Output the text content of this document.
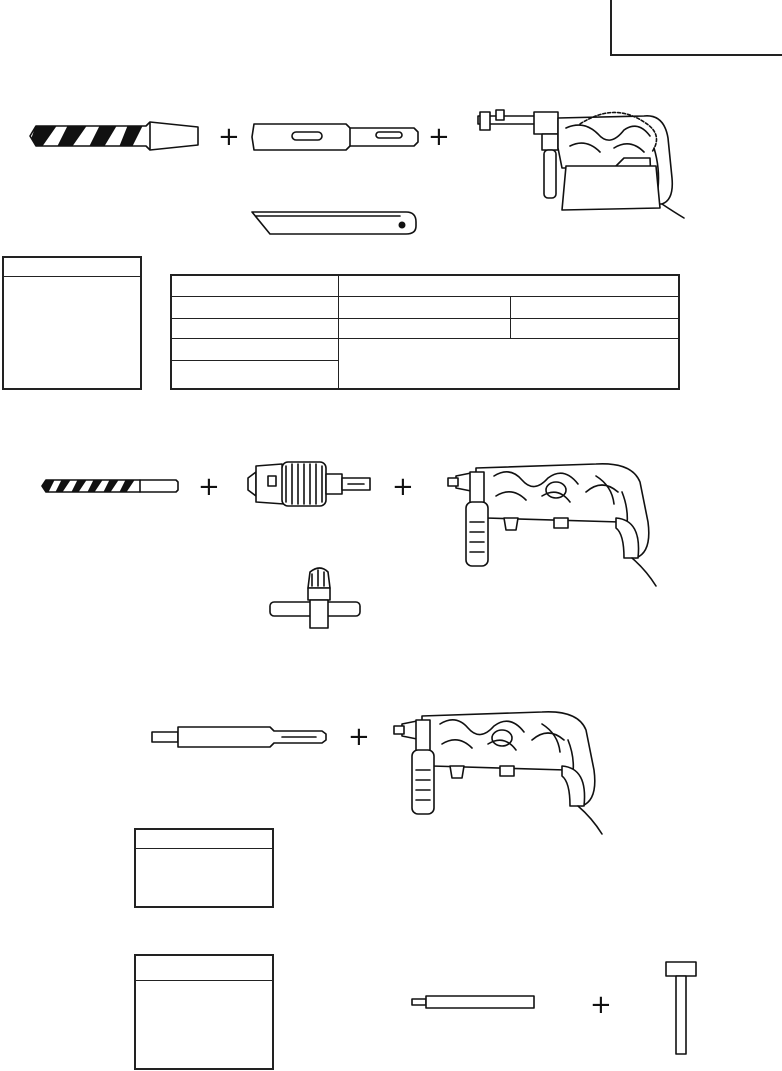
+	+
+	+
+
+
